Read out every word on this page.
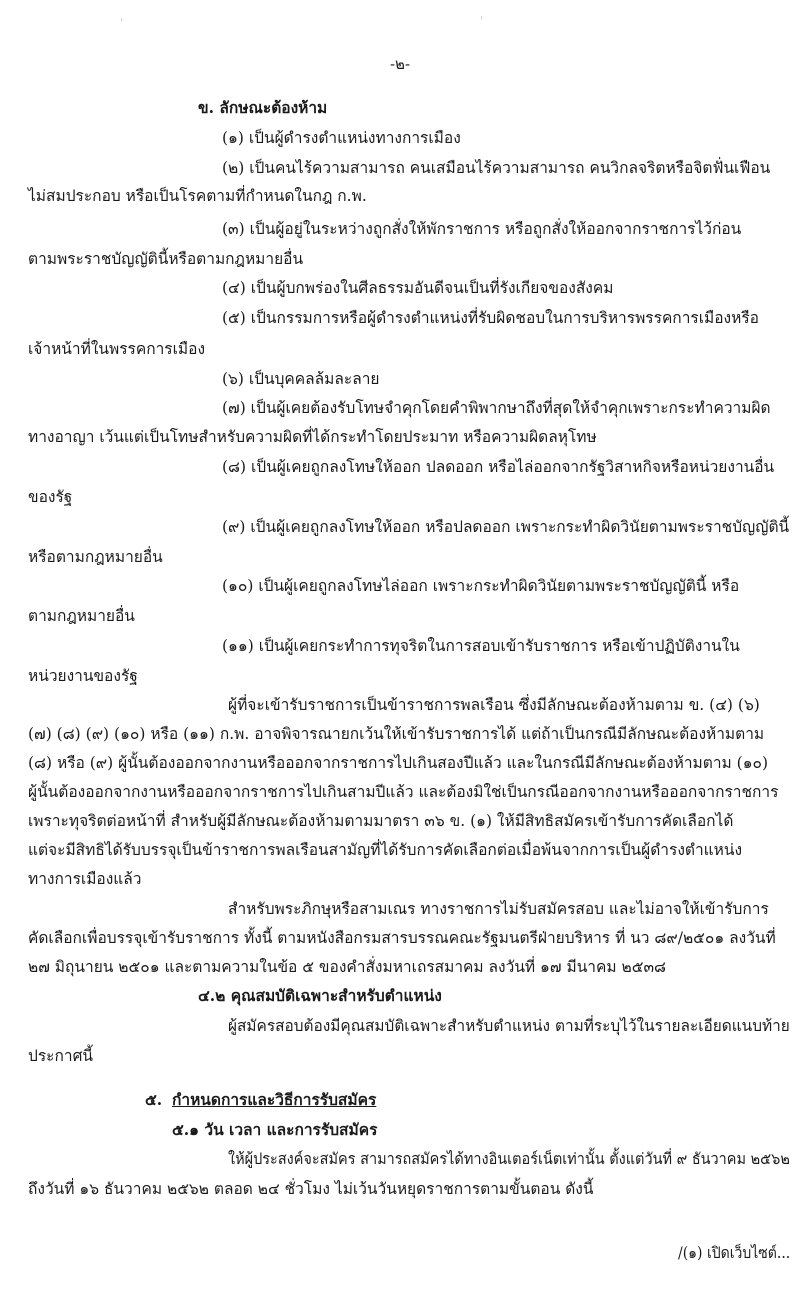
'	'
-๒-
ข. ลักษณะต้องห้าม
(๑) เป็นผู้ดำรงตำแหน่งทางการเมือง
(๒) เป็นคนไร้ความสามารถ คนเสมือนไร้ความสามารถ คนวิกลจริตหรือจิตฟั่นเฟือน
ไม่สมประกอบ หรือเป็นโรคตามที่กำหนดในกฎ ก.พ.
(๓) เป็นผู้อยู่ในระหว่างถูกสั่งให้พักราชการ หรือถูกสั่งให้ออกจากราชการไว้ก่อน
ตามพระราชบัญญัตินี้หรือตามกฎหมายอื่น
(๔) เป็นผู้บกพร่องในศีลธรรมอันดีจนเป็นที่รังเกียจของสังคม
(๕) เป็นกรรมการหรือผู้ดำรงตำแหน่งที่รับผิดชอบในการบริหารพรรคการเมืองหรือ
เจ้าหน้าที่ในพรรคการเมือง
(๖) เป็นบุคคลล้มละลาย
(๗) เป็นผู้เคยต้องรับโทษจำคุกโดยคำพิพากษาถึงที่สุดให้จำคุกเพราะกระทำความผิด
ทางอาญา เว้นแต่เป็นโทษสำหรับความผิดที่ได้กระทำโดยประมาท หรือความผิดลหุโทษ
(๘) เป็นผู้เคยถูกลงโทษให้ออก ปลดออก หรือไล่ออกจากรัฐวิสาหกิจหรือหน่วยงานอื่น
ของรัฐ
(๙) เป็นผู้เคยถูกลงโทษให้ออก หรือปลดออก เพราะกระทำผิดวินัยตามพระราชบัญญัตินี้
หรือตามกฎหมายอื่น
(๑๐) เป็นผู้เคยถูกลงโทษไล่ออก เพราะกระทำผิดวินัยตามพระราชบัญญัตินี้ หรือ
ตามกฎหมายอื่น
(๑๑) เป็นผู้เคยกระทำการทุจริตในการสอบเข้ารับราชการ หรือเข้าปฏิบัติงานใน
หน่วยงานของรัฐ
ผู้ที่จะเข้ารับราชการเป็นข้าราชการพลเรือน ซึ่งมีลักษณะต้องห้ามตาม ข. (๔) (๖)
(๗) (๘) (๙) (๑๐) หรือ (๑๑) ก.พ. อาจพิจารณายกเว้นให้เข้ารับราชการได้ แต่ถ้าเป็นกรณีมีลักษณะต้องห้ามตาม
(๘) หรือ (๙) ผู้นั้นต้องออกจากงานหรือออกจากราชการไปเกินสองปีแล้ว และในกรณีมีลักษณะต้องห้ามตาม (๑๐)
ผู้นั้นต้องออกจากงานหรือออกจากราชการไปเกินสามปีแล้ว และต้องมิใช่เป็นกรณีออกจากงานหรือออกจากราชการ
เพราะทุจริตต่อหน้าที่ สำหรับผู้มีลักษณะต้องห้ามตามมาตรา ๓๖ ข. (๑) ให้มีสิทธิสมัครเข้ารับการคัดเลือกได้
แต่จะมีสิทธิได้รับบรรจุเป็นข้าราชการพลเรือนสามัญที่ได้รับการคัดเลือกต่อเมื่อพ้นจากการเป็นผู้ดำรงตำแหน่ง
ทางการเมืองแล้ว
สำหรับพระภิกษุหรือสามเณร ทางราชการไม่รับสมัครสอบ และไม่อาจให้เข้ารับการ
คัดเลือกเพื่อบรรจุเข้ารับราชการ ทั้งนี้ ตามหนังสือกรมสารบรรณคณะรัฐมนตรีฝ่ายบริหาร ที่ นว ๘๙/๒๕๐๑ ลงวันที่
๒๗ มิถุนายน ๒๕๐๑ และตามความในข้อ ๕ ของคำสั่งมหาเถรสมาคม ลงวันที่ ๑๗ มีนาคม ๒๕๓๘
๔.๒ คุณสมบัติเฉพาะสำหรับตำแหน่ง
ผู้สมัครสอบต้องมีคุณสมบัติเฉพาะสำหรับตำแหน่ง ตามที่ระบุไว้ในรายละเอียดแนบท้าย
ประกาศนี้
๕. กำหนดการและวิธีการรับสมัคร
๕.๑ วัน เวลา และการรับสมัคร
ให้ผู้ประสงค์จะสมัคร สามารถสมัครได้ทางอินเตอร์เน็ตเท่านั้น ตั้งแต่วันที่ ๙ ธันวาคม ๒๕๖๒
ถึงวันที่ ๑๖ ธันวาคม ๒๕๖๒ ตลอด ๒๔ ชั่วโมง ไม่เว้นวันหยุดราชการตามขั้นตอน ดังนี้
/(๑) เปิดเว็บไซต์...
